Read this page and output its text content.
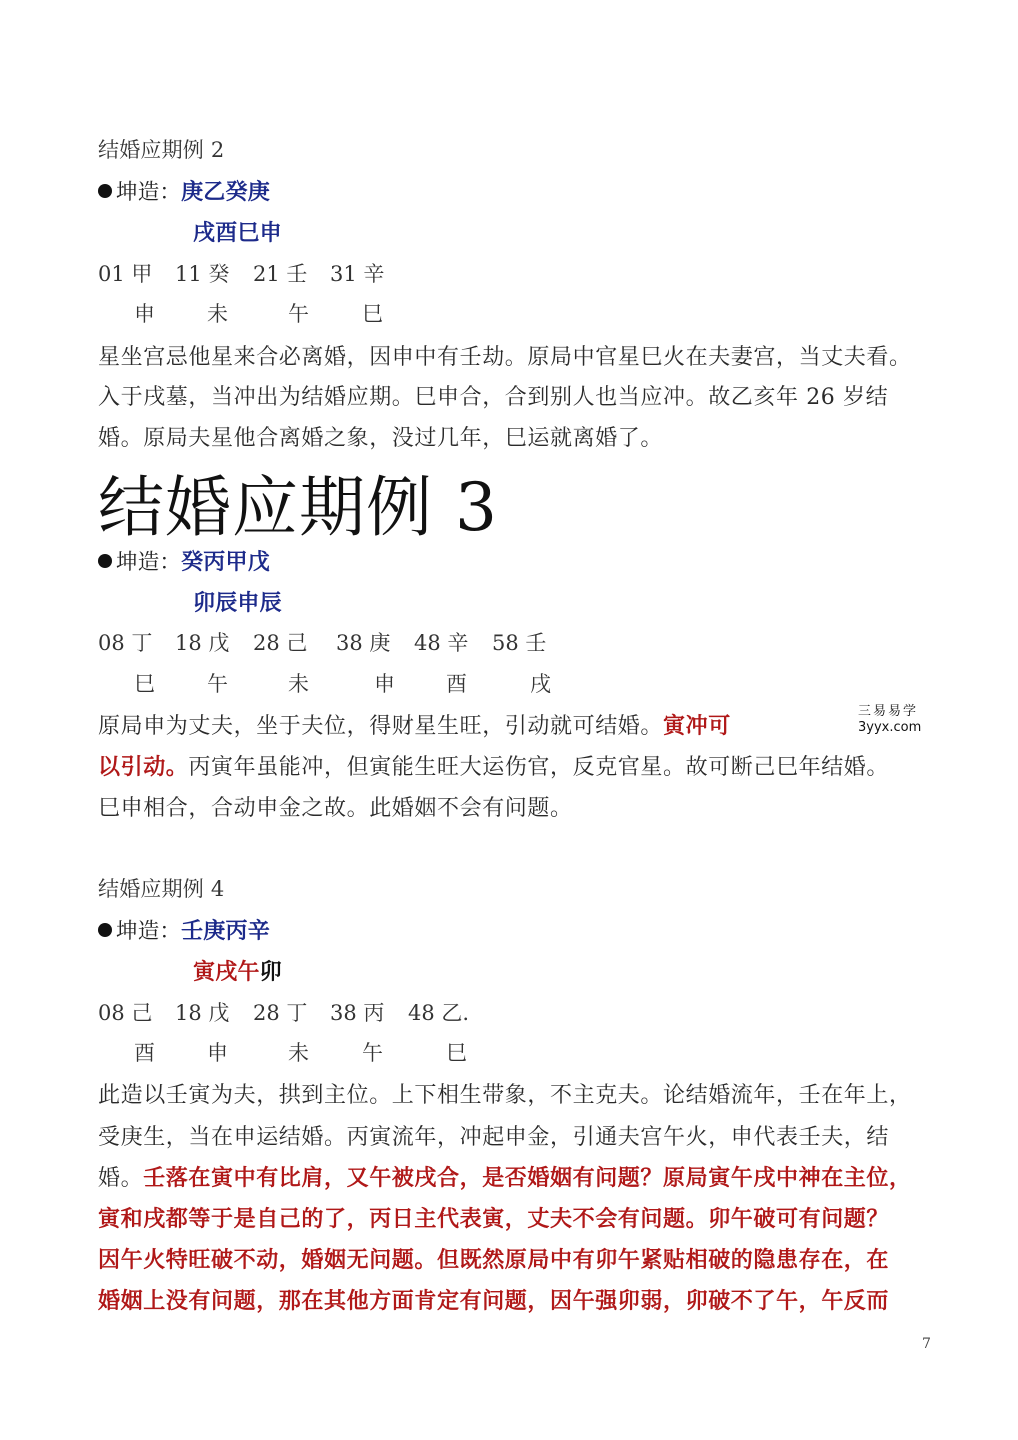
结婚应期例 2
坤造：庚乙癸庚
戌酉巳申
01 甲 11 癸 21 壬 31 辛
申 未	午	巳
星坐宫忌他星来合必离婚，因申中有壬劫。原局中官星巳火在夫妻宫，当丈夫看。
入于戌墓，当冲出为结婚应期。巳申合，合到别人也当应冲。故乙亥年 26 岁结
婚。原局夫星他合离婚之象，没过几年，巳运就离婚了。
结婚应期例 3
坤造：癸丙甲戊
卯辰申辰
08 丁 18 戊 28 己 38 庚 48 辛 58 壬
巳 午	未	申 酉	戌
原局申为丈夫，坐于夫位，得财星生旺，引动就可结婚。寅冲可
以引动。丙寅年虽能冲，但寅能生旺大运伤官，反克官星。故可断己巳年结婚。
巳申相合，合动申金之故。此婚姻不会有问题。
三易易学
3yyx.com
结婚应期例 4
坤造：壬庚丙辛
寅戌午卯
08 己 18 戊 28 丁 38 丙 48 乙.
酉 申	未	午	巳
此造以壬寅为夫，拱到主位。上下相生带象，不主克夫。论结婚流年，壬在年上，
受庚生，当在申运结婚。丙寅流年，冲起申金，引通夫宫午火，申代表壬夫，结
婚。壬落在寅中有比肩，又午被戌合，是否婚姻有问题？原局寅午戌中神在主位，
寅和戌都等于是自己的了，丙日主代表寅，丈夫不会有问题。卯午破可有问题？
因午火特旺破不动，婚姻无问题。但既然原局中有卯午紧贴相破的隐患存在，在
婚姻上没有问题，那在其他方面肯定有问题，因午强卯弱，卯破不了午，午反而
7
